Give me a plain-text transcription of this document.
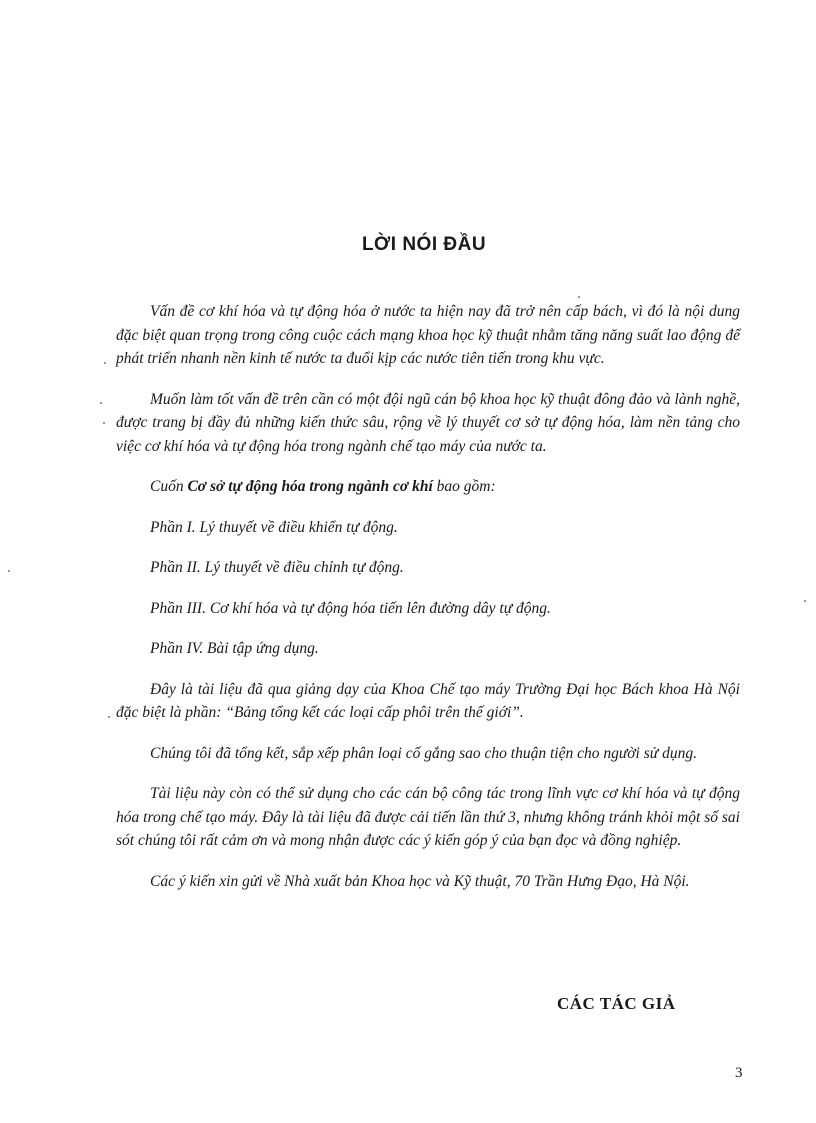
LỜI NÓI ĐẦU

Vấn đề cơ khí hóa và tự động hóa ở nước ta hiện nay đã trở nên cấp bách, vì đó là nội dung đặc biệt quan trọng trong công cuộc cách mạng khoa học kỹ thuật nhằm tăng năng suất lao động để phát triển nhanh nền kinh tế nước ta đuổi kịp các nước tiên tiến trong khu vực.

Muốn làm tốt vấn đề trên cần có một đội ngũ cán bộ khoa học kỹ thuật đông đảo và lành nghề, được trang bị đầy đủ những kiến thức sâu, rộng về lý thuyết cơ sở tự động hóa, làm nền tảng cho việc cơ khí hóa và tự động hóa trong ngành chế tạo máy của nước ta.

Cuốn Cơ sở tự động hóa trong ngành cơ khí bao gồm:

Phần I. Lý thuyết về điều khiển tự động.

Phần II. Lý thuyết về điều chỉnh tự động.

Phần III. Cơ khí hóa và tự động hóa tiến lên đường dây tự động.

Phần IV. Bài tập ứng dụng.

Đây là tài liệu đã qua giảng dạy của Khoa Chế tạo máy Trường Đại học Bách khoa Hà Nội đặc biệt là phần: “Bảng tổng kết các loại cấp phôi trên thế giới”.

Chúng tôi đã tổng kết, sắp xếp phân loại cố gắng sao cho thuận tiện cho người sử dụng.

Tài liệu này còn có thể sử dụng cho các cán bộ công tác trong lĩnh vực cơ khí hóa và tự động hóa trong chế tạo máy. Đây là tài liệu đã được cải tiến lần thứ 3, nhưng không tránh khỏi một số sai sót chúng tôi rất cảm ơn và mong nhận được các ý kiến góp ý của bạn đọc và đồng nghiệp.

Các ý kiến xin gửi về Nhà xuất bản Khoa học và Kỹ thuật, 70 Trần Hưng Đạo, Hà Nội.

CÁC TÁC GIẢ
3
